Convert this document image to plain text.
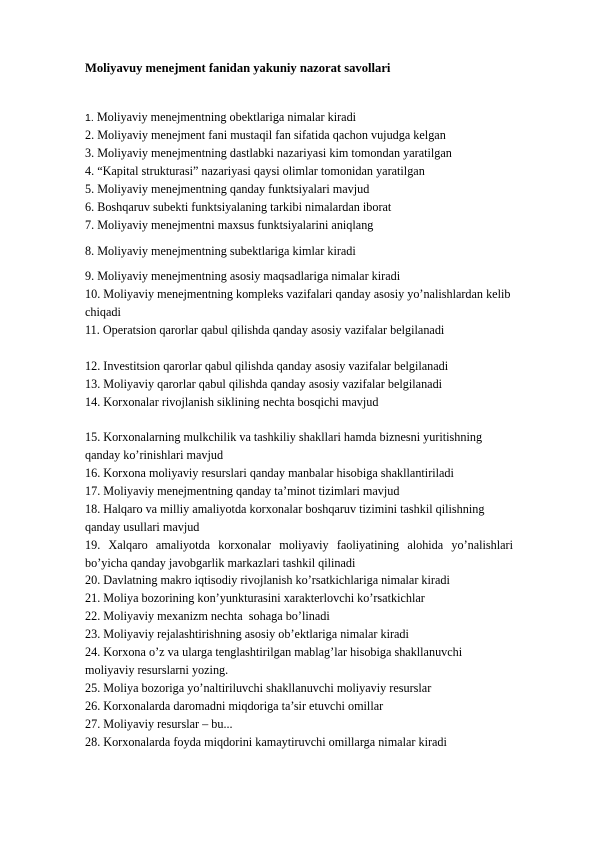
Moliyavuy menejment fanidan yakuniy nazorat savollari
1. Moliyaviy menejmentning obektlariga nimalar kiradi
2. Moliyaviy menejment fani mustaqil fan sifatida qachon vujudga kelgan
3. Moliyaviy menejmentning dastlabki nazariyasi kim tomondan yaratilgan
4. “Kapital strukturasi” nazariyasi qaysi olimlar tomonidan yaratilgan
5. Moliyaviy menejmentning qanday funktsiyalari mavjud
6. Boshqaruv subekti funktsiyalaning tarkibi nimalardan iborat
7. Moliyaviy menejmentni maxsus funktsiyalarini aniqlang
8. Moliyaviy menejmentning subektlariga kimlar kiradi
9. Moliyaviy menejmentning asosiy maqsadlariga nimalar kiradi
10. Moliyaviy menejmentning kompleks vazifalari qanday asosiy yo’nalishlardan kelib chiqadi
11. Operatsion qarorlar qabul qilishda qanday asosiy vazifalar belgilanadi
12. Investitsion qarorlar qabul qilishda qanday asosiy vazifalar belgilanadi
13. Moliyaviy qarorlar qabul qilishda qanday asosiy vazifalar belgilanadi
14. Korxonalar rivojlanish siklining nechta bosqichi mavjud
15. Korxonalarning mulkchilik va tashkiliy shakllari hamda biznesni yuritishning qanday ko’rinishlari mavjud
16. Korxona moliyaviy resurslari qanday manbalar hisobiga shakllantiriladi
17. Moliyaviy menejmentning qanday ta’minot tizimlari mavjud
18. Halqaro va milliy amaliyotda korxonalar boshqaruv tizimini tashkil qilishning qanday usullari mavjud
19. Xalqaro amaliyotda korxonalar moliyaviy faoliyatining alohida yo’nalishlari bo’yicha qanday javobgarlik markazlari tashkil qilinadi
20. Davlatning makro iqtisodiy rivojlanish ko’rsatkichlariga nimalar kiradi
21. Moliya bozorining kon’yunkturasini xarakterlovchi ko’rsatkichlar
22. Moliyaviy mexanizm nechta  sohaga bo’linadi
23. Moliyaviy rejalashtirishning asosiy ob’ektlariga nimalar kiradi
24. Korxona o’z va ularga tenglashtirilgan mablag’lar hisobiga shakllanuvchi moliyaviy resurslarni yozing.
25. Moliya bozoriga yo’naltiriluvchi shakllanuvchi moliyaviy resurslar
26. Korxonalarda daromadni miqdoriga ta’sir etuvchi omillar
27. Moliyaviy resurslar – bu...
28. Korxonalarda foyda miqdorini kamaytiruvchi omillarga nimalar kiradi
